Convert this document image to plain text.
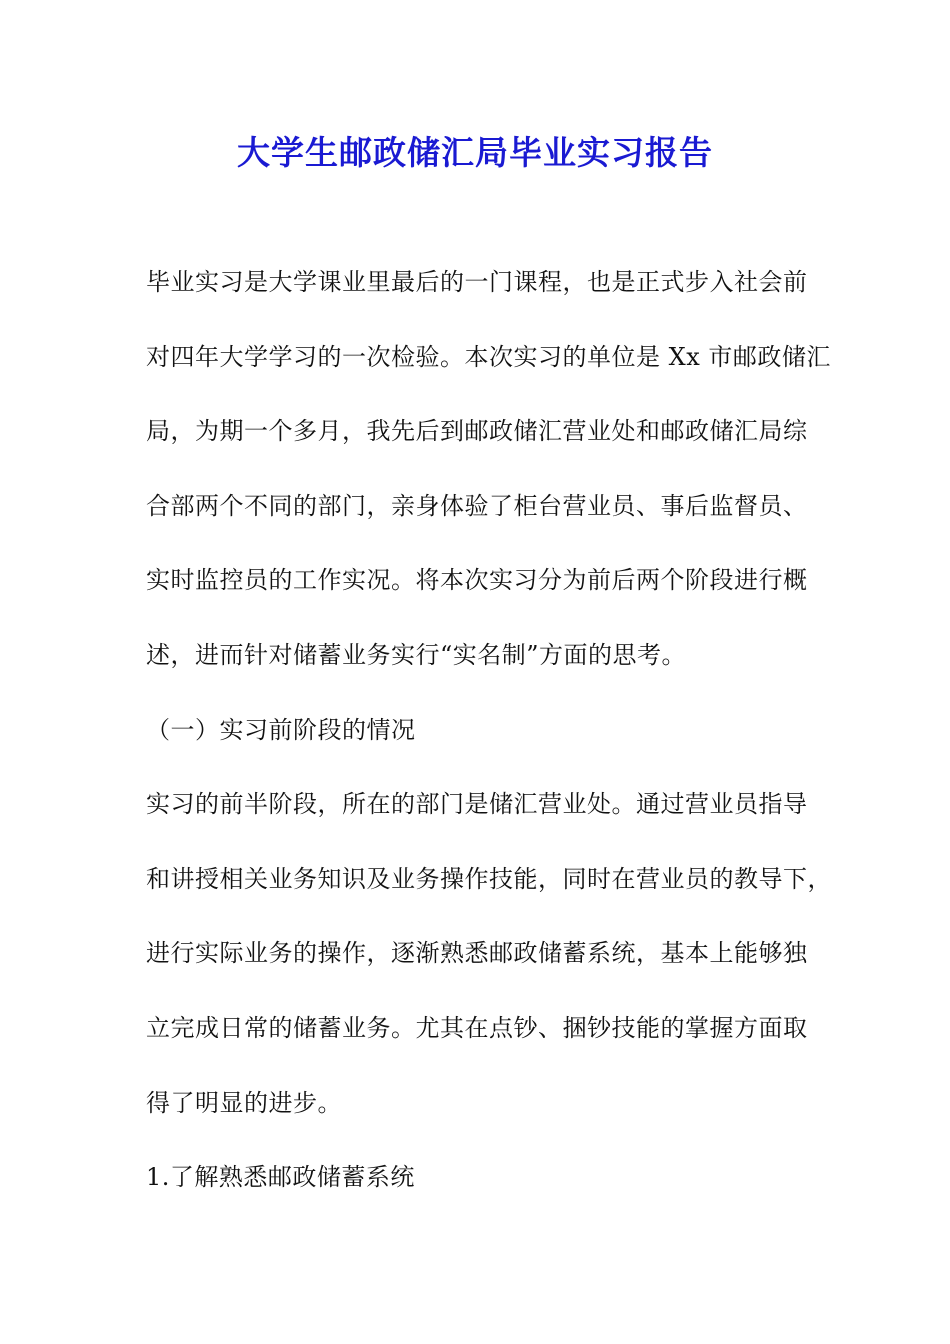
大学生邮政储汇局毕业实习报告
毕业实习是大学课业里最后的一门课程，也是正式步入社会前
对四年大学学习的一次检验。本次实习的单位是 Xx 市邮政储汇
局，为期一个多月，我先后到邮政储汇营业处和邮政储汇局综
合部两个不同的部门，亲身体验了柜台营业员、事后监督员、
实时监控员的工作实况。将本次实习分为前后两个阶段进行概
述，进而针对储蓄业务实行“实名制”方面的思考。
（一）实习前阶段的情况
实习的前半阶段，所在的部门是储汇营业处。通过营业员指导
和讲授相关业务知识及业务操作技能，同时在营业员的教导下，
进行实际业务的操作，逐渐熟悉邮政储蓄系统，基本上能够独
立完成日常的储蓄业务。尤其在点钞、捆钞技能的掌握方面取
得了明显的进步。
1.了解熟悉邮政储蓄系统
